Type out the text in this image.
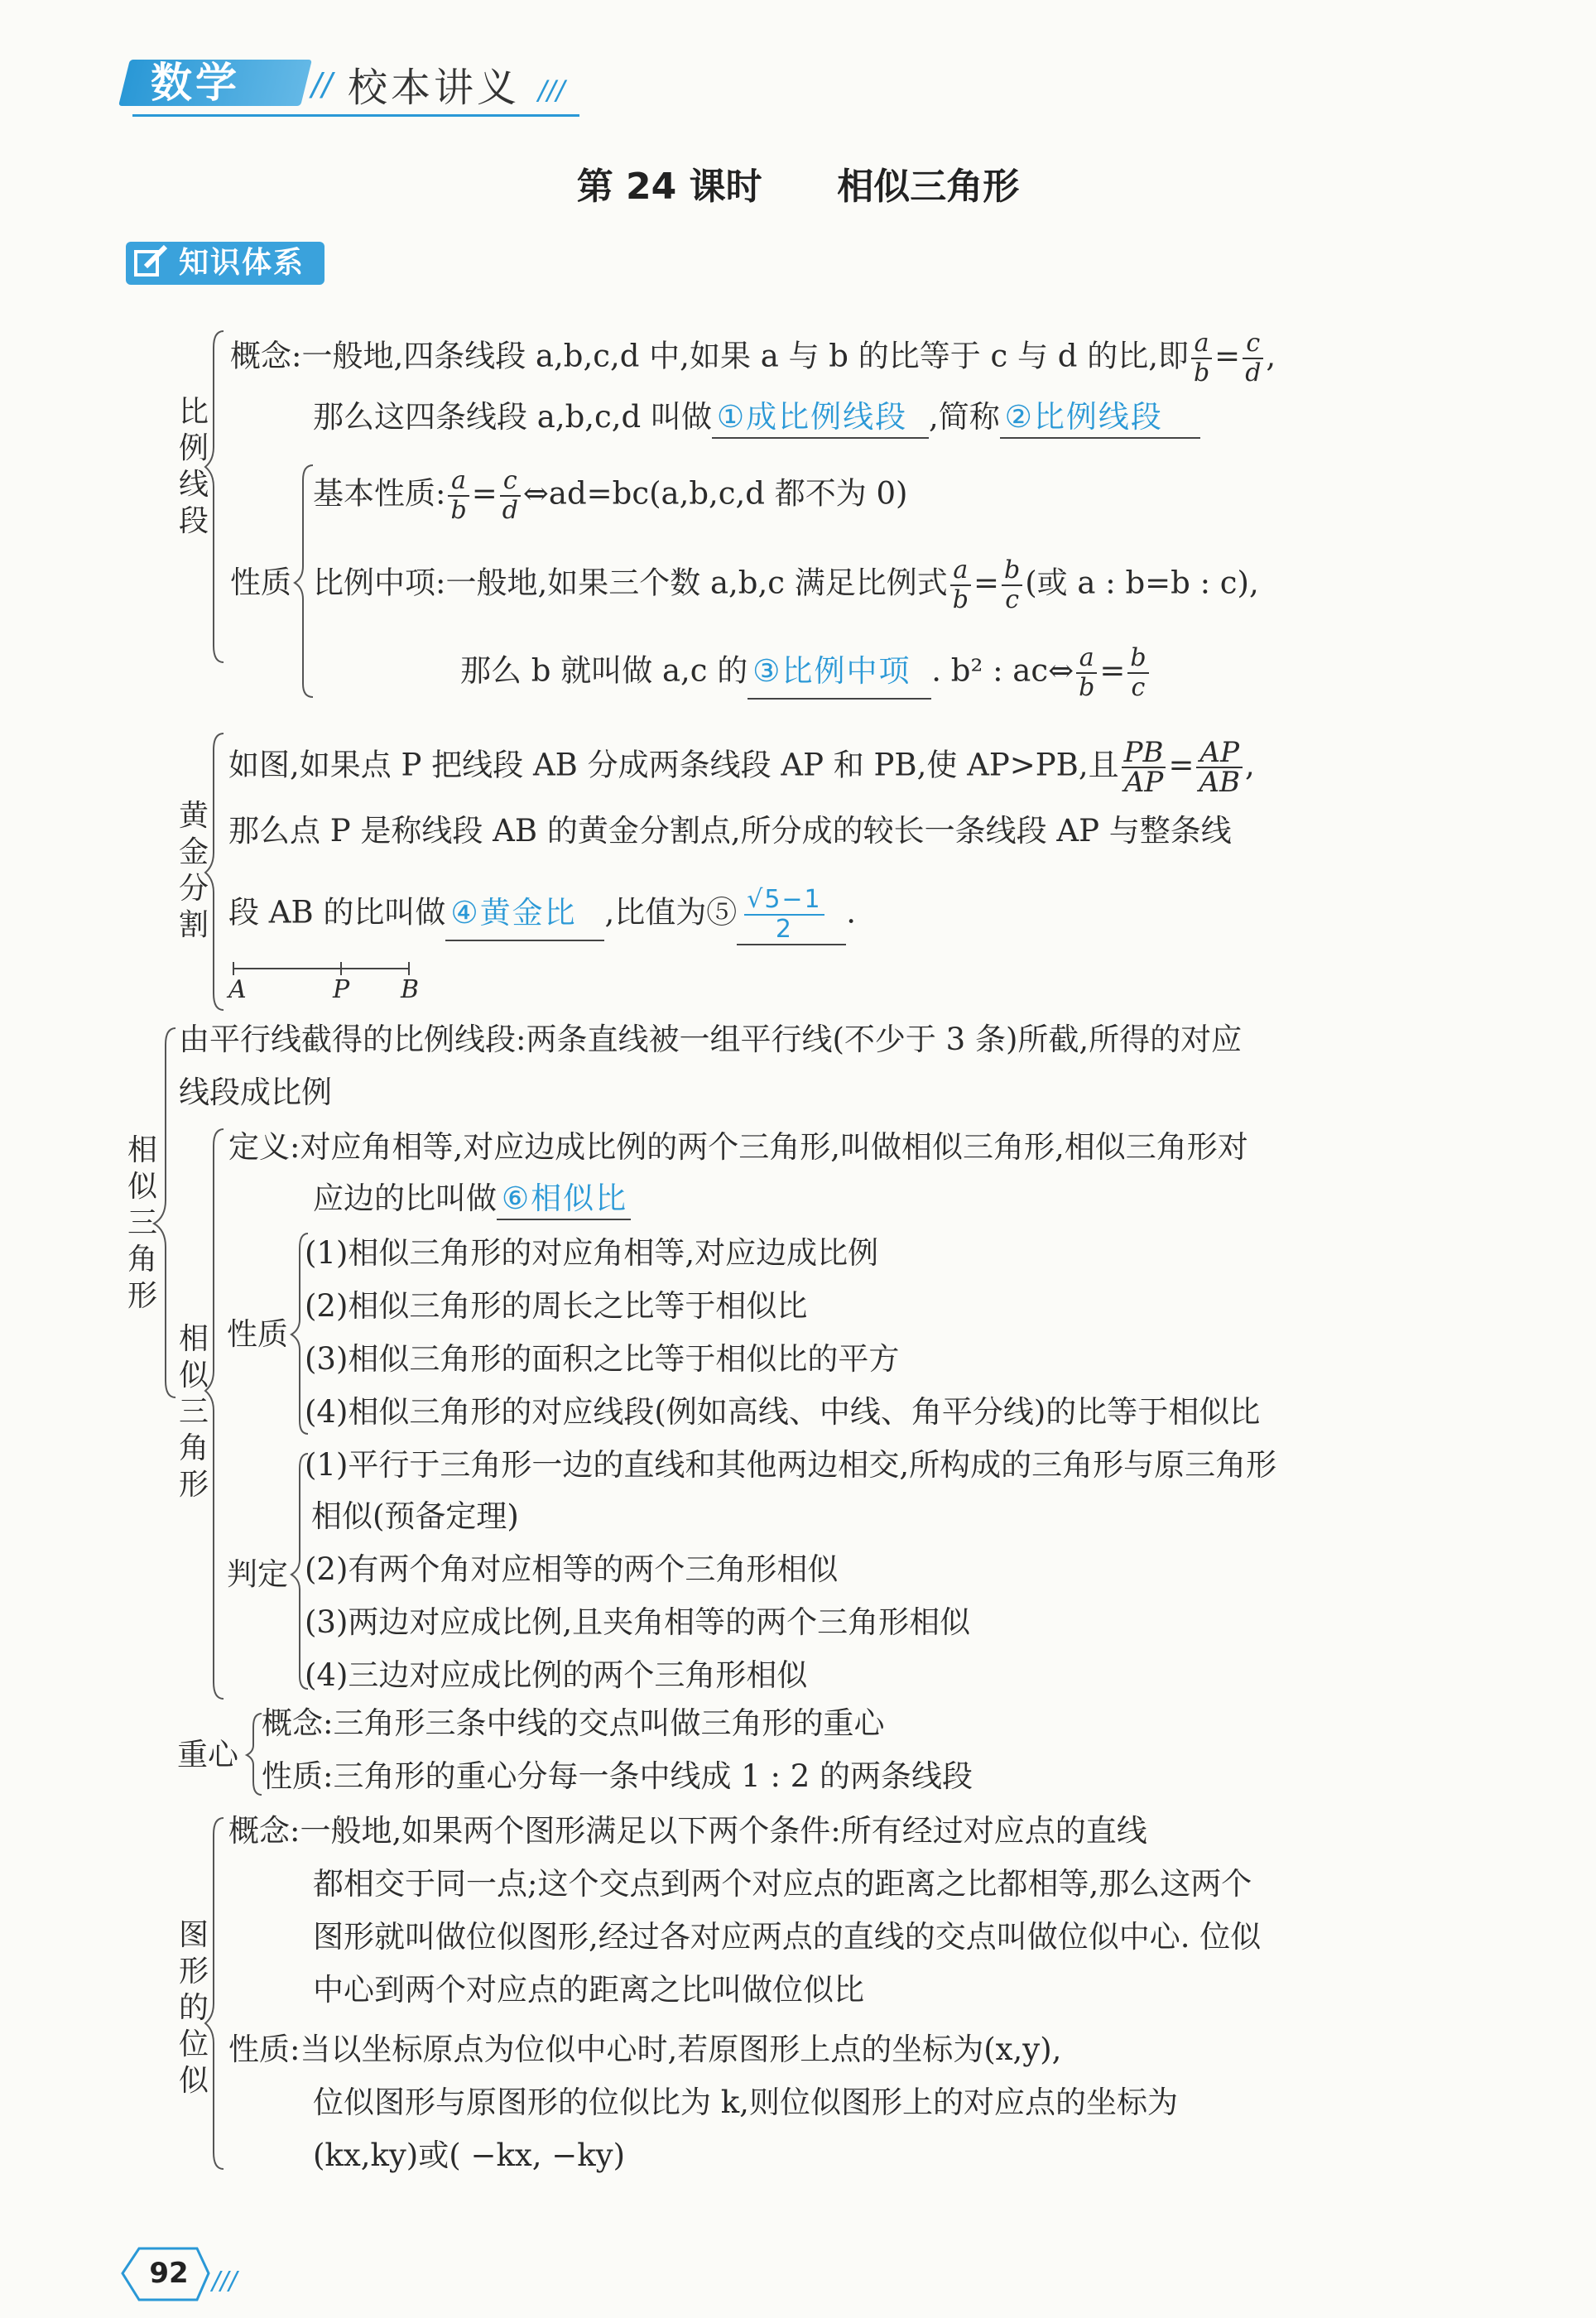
数学 // 校本讲义 ///
第 24 课时 相似三角形
知识体系
相似三角形
比例线段
黄金分割
相似三角形
图形的位似
重心
性质
性质
判定
概念:一般地,四条线段 a,b,c,d 中,如果 a 与 b 的比等于 c 与 d 的比,即 $\frac{a}{b} = \frac{c}{d}$ ,
那么这四条线段 a,b,c,d 叫做 ①成比例线段 ,简称 ②比例线段
基本性质: $\frac{a}{b} = \frac{c}{d}$ ⇔ad=bc(a,b,c,d 都不为 0)
比例中项:一般地,如果三个数 a,b,c 满足比例式 $\frac{a}{b} = \frac{b}{c}$ (或 a : b=b : c),
那么 b 就叫做 a,c 的 ③比例中项 . b² : ac⇔ $\frac{a}{b} = \frac{b}{c}$
如图,如果点 P 把线段 AB 分成两条线段 AP 和 PB,使 AP>PB,且 $\frac{PB}{AP} = \frac{AP}{AB}$ ,
那么点 P 是称线段 AB 的黄金分割点,所分成的较长一条线段 AP 与整条线
段 AB 的比叫做 ④黄金比 ,比值为⑤ $\frac{√5-1}{2}$ .
A	P B
由平行线截得的比例线段:两条直线被一组平行线(不少于 3 条)所截,所得的对应
线段成比例
定义:对应角相等,对应边成比例的两个三角形,叫做相似三角形,相似三角形对
应边的比叫做 ⑥相似比
(1)相似三角形的对应角相等,对应边成比例
(2)相似三角形的周长之比等于相似比
(3)相似三角形的面积之比等于相似比的平方
(4)相似三角形的对应线段(例如高线、中线、角平分线)的比等于相似比
(1)平行于三角形一边的直线和其他两边相交,所构成的三角形与原三角形
相似(预备定理)
(2)有两个角对应相等的两个三角形相似
(3)两边对应成比例,且夹角相等的两个三角形相似
(4)三边对应成比例的两个三角形相似
概念:三角形三条中线的交点叫做三角形的重心
性质:三角形的重心分每一条中线成 1 : 2 的两条线段
概念:一般地,如果两个图形满足以下两个条件:所有经过对应点的直线
都相交于同一点;这个交点到两个对应点的距离之比都相等,那么这两个
图形就叫做位似图形,经过各对应两点的直线的交点叫做位似中心. 位似
中心到两个对应点的距离之比叫做位似比
性质:当以坐标原点为位似中心时,若原图形上点的坐标为(x,y),
位似图形与原图形的位似比为 k,则位似图形上的对应点的坐标为
(kx,ky)或( −kx, −ky)
92 ///
